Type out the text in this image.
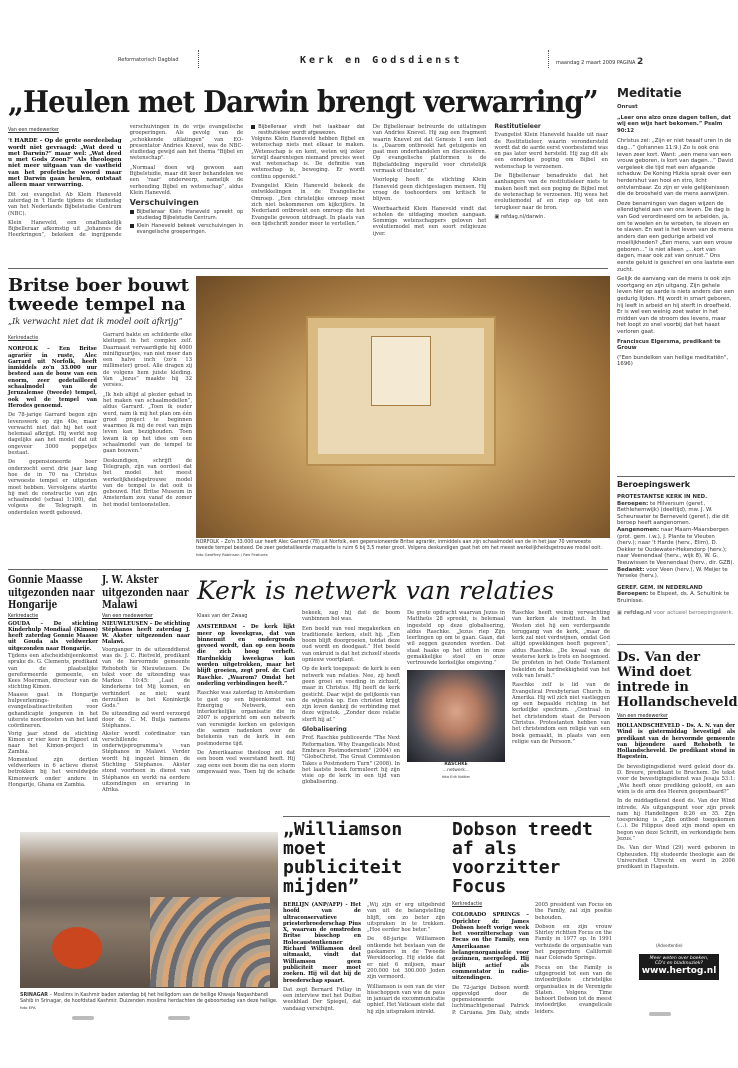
Reformatorisch Dagblad	Kerk en Godsdienst	maandag 2 maart 2009 PAGINA 2
„Heulen met Darwin brengt verwarring”
Van een medewerker

't HARDE – Op de grote oordeelsdag wordt niet gevraagd: „Wat deed u met Darwin?” maar wel: „Wat deed u met Gods Zoon?” Als theologen niet meer uitgaan van de vastheid van het profetische woord maar met Darwin gaan heulen, ontstaat alleen maar verwarring.

Dit zei evangelist Ab Klein Haneveld zaterdag in 't Harde tijdens de studiedag van het Nederlands Bijbelstudie Centrum (NBC).

Klein Haneveld, een onafhankelijk Bijbelleraar afkomstig uit „Johannes de Heerkringen”, bekeken de ingrijpende verschuivingen in de vrije evangelische groeperingen. Als gevolg van de „schokkende uitlatingen” van EO-presentator Andries Knevel, was de NBC-studiedag gewijd aan het thema "Bijbel en wetenschap".

„Normaal doen wij gewoon aan Bijbelstudie, maar dit keer behandelen we een 'raar' onderwerp, namelijk de verhouding Bijbel en wetenschap”, aldus Klein Haneveld.

Verschuivingen
Bijbelleraar Klein Haneveld spreekt op studiedag Bijbelstudie Centrum.
Klein Haneveld bekeek verschuivingen in evangelische groeperingen.
Bijbelleraar vindt het laakbaar dat restitutieleer wordt afgewezen.

Volgens Klein Haneveld hebben Bijbel en wetenschap niets met elkaar te maken. „Wetenschap is en kent, weten wij zeker terwijl daarentegen niemand precies weet wat wetenschap is. De definitie van wetenschap is, beweging. Er wordt continu opgerekt.”

Evangelist Klein Haneveld bekeek de ontwikkelingen in de Evangelische Omroep. „Een christelijke omroep moet zich niet bekommeren om kijkcijfers. In Nederland ontbreekt een omroep die het Evangelie gewoon uitdraagt. In plaats van een tijdschrift zonder meer te vertellen.”

De Bijbelleraar betreurde de uitlatingen van Andries Knevel. Hij zag een fragment waarin Knevel zei dat Genesis 1 een lied is. „Daarom ontbreekt het getuigenis en gaat men onderhandelen en discussiëren. Op evangelische platformen is de Bijbelafdeling ingeruild voor christelijk vermaak of theater.”

Voorlopig heeft de stichting Klein Haneveld geen dichtgeslagen mensen. Hij vroeg de toehoorders om kritisch te blijven.

Weerbaarheid Klein Haneveld vindt dat scholen de uitdaging moeten aangaan. Sommige wetenschappers geloven het evolutiemodel met een soort religieuze ijver.

Restitutieleer

Evangelist Klein Haneveld haalde uit naar de Restitutieleer, waarin verondersteld wordt dat de aarde eerst voorbestemd was en pas later werd hersteld. Hij zag dit als een onnodige poging om Bijbel en wetenschap te verzoenen.

De Bijbelleraar benadrukte dat het aanhangers van de restitutieleer niets te maken heeft met een poging de Bijbel met de wetenschap te verzoenen. Hij wees het evolutiemodel af en riep op tot een terugkeer naar de bron.

▣ refdag.nl/darwin.

Meditatie
Onrust
„Leer ons alzo onze dagen tellen, dat wij een wijs hart bekomen.” Psalm 90:12

Christus zei: „Zijn er niet twaalf uren in de dag…” (Johannes 11:9.) Zo is ook ons leven zeer kort. Want: „een mens van een vrouw geboren, is kort van dagen…” David vergeleek die tijd met een afgaande schaduw. De Koning Hizkia sprak over een herdershut van hooi en stro, licht ontvlambaar. Zo zijn er vele gelijkenissen die de broosheid van de mens aanwijzen.

Deze benamingen van dagen wijzen de ellendigheid aan van ons leven. De dag is van God verordineerd om te arbeiden, ja, om te woelen en te wroeten, te sloven en te slaven. En wat is het leven van de mens anders dan een gedurige arbeid vol moeilijkheden? „Een mens, van een vrouw geboren…” is niet alleen „…kort van dagen, maar ook zat van onrust.” Ons eerste geluid is geschrei en ons laatste een zucht.

Gelijk de aanvang van de mens is ook zijn voortgang en zijn uitgang. Zijn gehele leven hier op aarde is niets anders dan een gedurig lijden. Hij wordt in smart geboren, hij leeft in arbeid en hij sterft in droefheid. Er is wel een weinig zoet water in het midden van de stroom des levens, maar het loopt zo snel voorbij dat het haast verloren gaat.

Franciscus Elgersma, predikant te Grouw

("Een bundelken van heilige meditatiën", 1696)

Beroepingswerk
PROTESTANTSE KERK IN NED.
Beroepen: te Hilversum (geref., Bethlehemwijk) (deeltijd), mw. J. W. Scheurwater te Berneveld (geref.), die dit beroep heeft aangenomen.
Aangenomen: naar Maarn-Maarsbergen (prot. gem. i.w.), J. Plante te Vleuten (herv.); naar 't Harde (herv., Elim), D. Dekker te Oudewater-Hekendorp (herv.); naar Veenendaal (herv., wijk 8), W. G. Teeuwissen te Veenendaal (herv., dir. GZB).
Bedankt: voor Veen (herv.), W. Meijer te Yerseke (herv.).
GEREF. GEM. IN NEDERLAND
Beroepen: te Elspeet, ds. A. Schultink te Bruinisse.
▣ refdag.nl voor actueel beroepingswerk.
Ds. Van der Wind doet intrede in Hollandscheveld
Van een medewerker

HOLLANDSCHEVELD – Ds. A. N. van der Wind is gistermiddag bevestigd als predikant van de hervormde gemeente van bijzondere aard Rehoboth te Hollandscheveld. De predikant stond in Hagestein.

De bevestigingsdienst werd geleid door ds. D. Breure, predikant te Bruchem. De tekst voor de bevestigingsdienst was Jesaja 53:1: „Wie heeft onze prediking geloofd, en aan wien is de arm des Heeren geopenbaard?”

In de middagdienst deed ds. Van der Wind intrede. Als uitgangspunt voor zijn preek nam hij Handelingen 8:26 en 35. Zijn toespreking is „Zijn ontbod toegekomen (…). De Filippus deed zijn mond open en begon van deze Schrift, en verkondigde hem Jezus.”

Ds. Van der Wind (29) werd geboren in Opheusden. Hij studeerde theologie aan de Universiteit Utrecht en werd in 2006 predikant in Hagestein.

(Advertentie)
Meer weten over boeken,
CD's en bladmuziek?
www.hertog.nl
Britse boer bouwt tweede tempel na
„Ik verwacht niet dat ik model ooit afkrijg”
Kerkredactie

NORFOLK – Een Britse agrariër in ruste, Alec Garrard uit Norfolk, heeft inmiddels zo'n 33.000 uur besteed aan de bouw van een enorm, zeer gedetailleerd schaalmodel van de Jeruzalemse (tweede) tempel, ook wel de tempel van Herodes genoemd.

De 78-jarige Garrard begon zijn levenswerk op zijn 40e, maar verwacht niet dat hij het ooit helemaal afkrijgt. Hij werkt nog dagelijks aan het model dat uit ongeveer 3000 poppetjes bestaat.

De gepensioneerde boer onderzocht eerst drie jaar lang hoe de in 70 na Christus verwoeste tempel er uitgezien moet hebben. Vervolgens startte hij met de constructie van zijn schaalmodel (schaal 1:100), dat volgens de Telegraph in onderdelen wordt gebouwd.

Garrard bakte en schilderde elke kleitegel in het complex zelf. Daarnaast vervaardigde hij 4000 minifiguurtjes, van niet meer dan een halve inch (zo'n 13 millimeter) groot. Alle dragen zij de volgens hem juiste kleding. Van „Jezus” maakte hij 32 versies.

„Ik heb altijd al plezier gehad in het maken van schaalmodellen”, aldus Garrard. „Toen ik ouder werd, nam ik mij het plan om één groot project te beginnen waarmee ik mij de rest van mijn leven kan bezighouden. Toen kwam ik op het idee om een schaalmodel van de tempel te gaan bouwen.”

Deskundigen, schrijft de Telegraph, zijn van oordeel dat het model het meest werkelijkheidsgetrouwe model van de tempel is dat ooit is gebouwd. Het Britse Museum in Amsterdam zou vanaf de zomer het model tentoonstellen.

NORFOLK – Zo'n 33.000 uur heeft Alec Garrard (78) uit Norfolk, een gepensioneerde Britse agrariër, inmiddels aan zijn schaalmodel van de in het jaar 70 verwoeste tweede tempel besteed. De zeer gedetailleerde maquette is ruim 6 bij 3,5 meter groot. Volgens deskundigen gaat het om het meest werkelijkheidsgetrouwe model ooit. foto Geoffrey Robinson / Rex Features
Gonnie Maasse uitgezonden naar Hongarije
Kerkredactie

GOUDA – De stichting Kinderhulp Mondiaal (Kimon) heeft zaterdag Gonnie Maasse uit Gouda als veldwerker uitgezonden naar Hongarije.

Tijdens een afscheidsbijeenkomst sprake ds. G. Clements, predikant van de plaatselijke gereformeerde gemeente, en Kees Moerman, directeur van de stichting Kimon.

Maasse gaat in Hongarije hulpverlenings- en evangelisatieactiviteiten voor gehandicapte jongeren in het uiterste noordoosten van het land coördineren.

Vorig jaar stond de stichting Kimon er vier keer in Ekpeet uit naar het Kimon-project in Zambia.

Momenteel zijn dertien veldwerkers in 6 actieve dienst betrokken bij het wereldwijde Kimonwerk onder andere in Hongarije, Ghana en Zambia.

J. W. Akster uitgezonden naar Malawi
Van een medewerker

NIEUWLEUSEN – De stichting Stéphanos heeft zaterdag J. W. Akster uitgezonden naar Malawi.

Voorganger in de uitzenddienst was ds. J. C. Rietveld, predikant van de hervormde gemeente Rehoboth te Nieuwleusen. De tekst voor de uitzending was Markus 10:45: „Laat de kinderkens tot Mij komen, en verhindert ze niet; want derzulken is het Koninkrijk Gods.”

De uitzending zal werd verzorgd door ds. C. M. Bulja namens Stéphanos.

Akster wordt coördinator van verschillende onderwijsprogramma's van Stéphanos in Malawi. Verder wordt hij ingezet binnen de Stichting Stéphanos. Akster stond voorheen in dienst van Stéphanos en werkt na eerdere uitzendingen en ervaring in Afrika.

Kerk is netwerk van relaties
Klaas van der Zwaag

AMSTERDAM – De kerk lijkt meer op kweekgras, dat van binnenuit en ondergronds gevoed wordt, dan op een boom die zich hoog verheft. Hardnekkig kweekgras kan worden uitgetrokken, maar het blijft groeien, zegt prof. dr. Carl Raschke. „Waarom? Omdat het onderling verbindingen heeft.”

Raschke was zaterdag in Amsterdam te gast op een bijeenkomst van Emerging Netwerk, een interkerkelijke organisatie die in 2007 is opgericht om een netwerk van verenigde kerken en gelovigen die samen nadenken over de betekenis van de kerk in een postmoderne tijd.

De Amerikaanse theoloog zei dat een boom veel weerstand heeft. Hij zag eens een boom die na een storm omgewaaid was. Toen hij de schade bekeek, zag hij dat de boom vanbinnen hol was.

Een beeld van veel megakerken en traditionele kerken, stelt hij. „Een boom blijft doorgroeien, totdat deze oud wordt en doodgaat.” Het beeld van onkruid is dat het zichzelf steeds opnieuw voortplant.

Op de kerk toegepast: de kerk is een netwerk van relaties. Nee, zij heeft geen groei en voeding in zichzelf, maar in Christus. Hij heeft de kerk gesticht. Daar wijst de gelijkenis van de wijnstok op. Een christen krijgt zijn leven dankzij de verbinding met deze wijnstok. „Zonder deze relatie sterft hij af.”

Globalisering

Prof. Raschke publiceerde "The Next Reformation. Why Evangelicals Must Embrace Postmodernism" (2004) en "GloboChrist. The Great Commission Takes a Postmodern Turn" (2008). In het laatste boek formuleert hij zijn visie op de kerk in een tijd van globalisering.

De grote opdracht waarvan Jezus in Mattheüs 28 spreekt, is helemaal ingesteld op deze globalisering, aldus Raschke. „Jezus riep Zijn leerlingen op om te gaan. Gaan, dat wil zeggen gezonden worden. Dat staat haaks op het zitten in onze gemakkelijke stoel en onze vertrouwde kerkelijke omgeving.”

RASCHKE
…netwerk…
foto Erik Kottier

Raschke heeft weinig verwachting van kerken als instituut. In het Westen ziet hij een verdergaande teruggang van de kerk, „maar de kerk zal niet verdwijnen, omdat God altijd opwekkingen heeft gegeven”, aldus Raschke. „De kwaal van de westerse kerk is trots en hoogmoed. De profeten in het Oude Testament hekelden de hardnekkigheid van het volk van Israël.”

Raschke zelf is lid van de Evangelical Presbyterian Church in Amerika. Hij wil zich niet vastleggen op een bepaalde richting in het kerkelijke spectrum. „Centraal in het christendom staat de Persoon Christus. Protestanten hebben van het christendom een religie van een boek gemaakt, in plaats van een religie van de Persoon.”

SRINAGAR – Moslims in Kashmir baden zaterdag bij het heiligdom van de heilige Khwaja Naqashbandi Sahib in Srinagar, de hoofdstad Kashmir. Duizenden moslims herdachten de geboortedag van deze heilige. foto EPA
„Williamson moet publiciteit mijden”

BERLIJN (ANP/AFP) - Het hoofd van de ultraconservatieve priesterbroederschap Pius X, waarvan de omstreden Britse bisschop en Holocaustontkenner Richard Williamson deel uitmaakt, vindt dat Williamson geen publiciteit meer moet zoeken. Hij wil dat hij de broederschap spaart.

Dat zegt Bernard Fellay in een interview met het Duitse weekblad Der Spiegel, dat vandaag verschijnt.

„Wij zijn er erg uitgebreid van uit de belangstelling blijft, om zo beter zijn uitspraken in te trekken. „Hoe eerder hoe beter.”

De 68-jarige Williamson ontkende het bestaan van de gaskamers in de Tweede Wereldoorlog. Hij stelde dat er niet 6 miljoen, maar 200.000 tot 300.000 Joden zijn vermoord.

Williamson is een van de vier bisschoppen van wie de paus in januari de excommunicatie ophief. Het Vaticaan eiste dat hij zijn uitspraken intrekt.

Dobson treedt af als voorzitter Focus
Kerkredactie

COLORADO SPRINGS – Oprichter dr. James Dobson heeft vorige week het voorzitterschap van Focus on the Family, een Amerikaanse belangenorganisatie voor gezinnen, neergelegd. Hij blijft actief als commentator in radio-uitzendingen.

De 72-jarige Dobson wordt opgevolgd door de gepensioneerde luchtmachtgeneraal Patrick P. Caruana. Jim Daly, sinds 2005 president van Focus on the Family, zal zijn positie behouden.

Dobson en zijn vrouw Shirley richtten Focus on the Family in 1977 op. In 1991 verhuisde de organisatie van het pepperdure Californië naar Colorado Springs.

Focus on the Family is uitgegroeid tot een van de invloedrijkste christelijke organisaties in de Verenigde Staten. Volgens Time behoort Dobson tot de meest invloedrijke evangelicale leiders.
